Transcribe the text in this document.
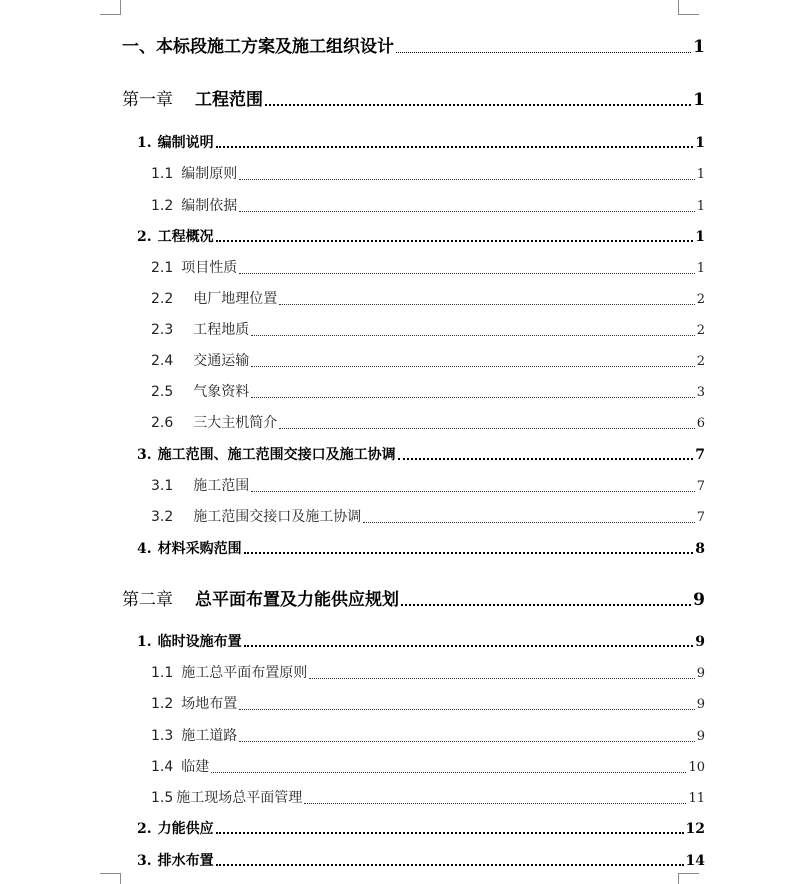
一、 本标段施工方案及施工组织设计	1
第一章 工程范围	1
1. 编制说明	1
1.1 编制原则	1
1.2 编制依据	1
2. 工程概况	1
2.1 项目性质	1
2.2 电厂地理位置	2
2.3 工程地质	2
2.4 交通运输	2
2.5 气象资料	3
2.6 三大主机简介	6
3. 施工范围、施工范围交接口及施工协调	7
3.1 施工范围	7
3.2 施工范围交接口及施工协调	7
4. 材料采购范围	8
第二章 总平面布置及力能供应规划	9
1. 临时设施布置	9
1.1 施工总平面布置原则	9
1.2 场地布置	9
1.3 施工道路	9
1.4 临建	10
1.5 施工现场总平面管理	11
2. 力能供应	12
3. 排水布置	14
